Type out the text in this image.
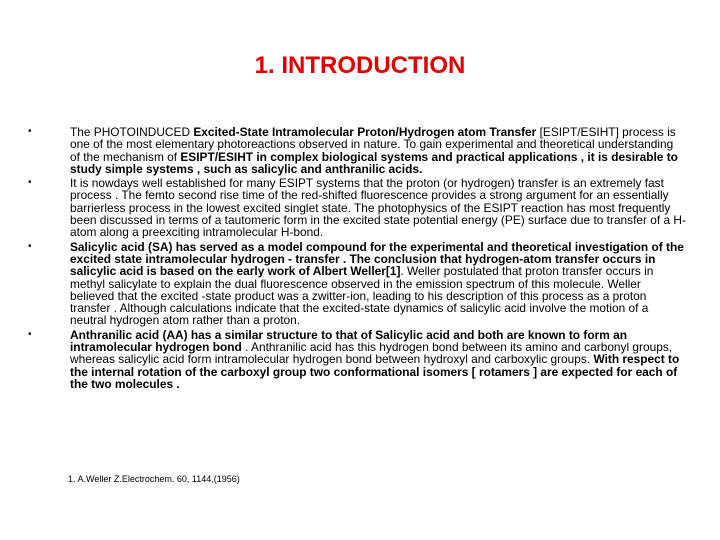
1. INTRODUCTION
•	The PHOTOINDUCED Excited-State Intramolecular Proton/Hydrogen atom Transfer [ESIPT/ESIHT] process is one of the most elementary photoreactions observed in nature. To gain experimental and theoretical understanding of the mechanism of ESIPT/ESIHT in complex biological systems and practical applications , it is desirable to study simple systems , such as salicylic and anthranilic acids.
•	It is nowdays well established for many ESIPT systems that the proton (or hydrogen) transfer is an extremely fast process . The femto second rise time of the red-shifted fluorescence provides a strong argument for an essentially barrierless process in the lowest excited singlet state. The photophysics of the ESIPT reaction has most frequently been discussed in terms of a tautomeric form in the excited state potential energy (PE) surface due to transfer of a H-atom along a preexciting intramolecular H-bond.
•	Salicylic acid (SA) has served as a model compound for the experimental and theoretical investigation of the excited state intramolecular hydrogen - transfer . The conclusion that hydrogen-atom transfer occurs in salicylic acid is based on the early work of Albert Weller[1]. Weller postulated that proton transfer occurs in methyl salicylate to explain the dual fluorescence observed in the emission spectrum of this molecule. Weller believed that the excited -state product was a zwitter-ion, leading to his description of this process as a proton transfer . Although calculations indicate that the excited-state dynamics of salicylic acid involve the motion of a neutral hydrogen atom rather than a proton.
•	Anthranilic acid (AA) has a similar structure to that of Salicylic acid and both are known to form an intramolecular hydrogen bond . Anthranilic acid has this hydrogen bond between its amino and carbonyl groups, whereas salicylic acid form intramolecular hydrogen bond between hydroxyl and carboxylic groups. With respect to the internal rotation of the carboxyl group two conformational isomers [ rotamers ] are expected for each of the two molecules .
1. A.Weller Z.Electrochem. 60, 1144,(1956)
